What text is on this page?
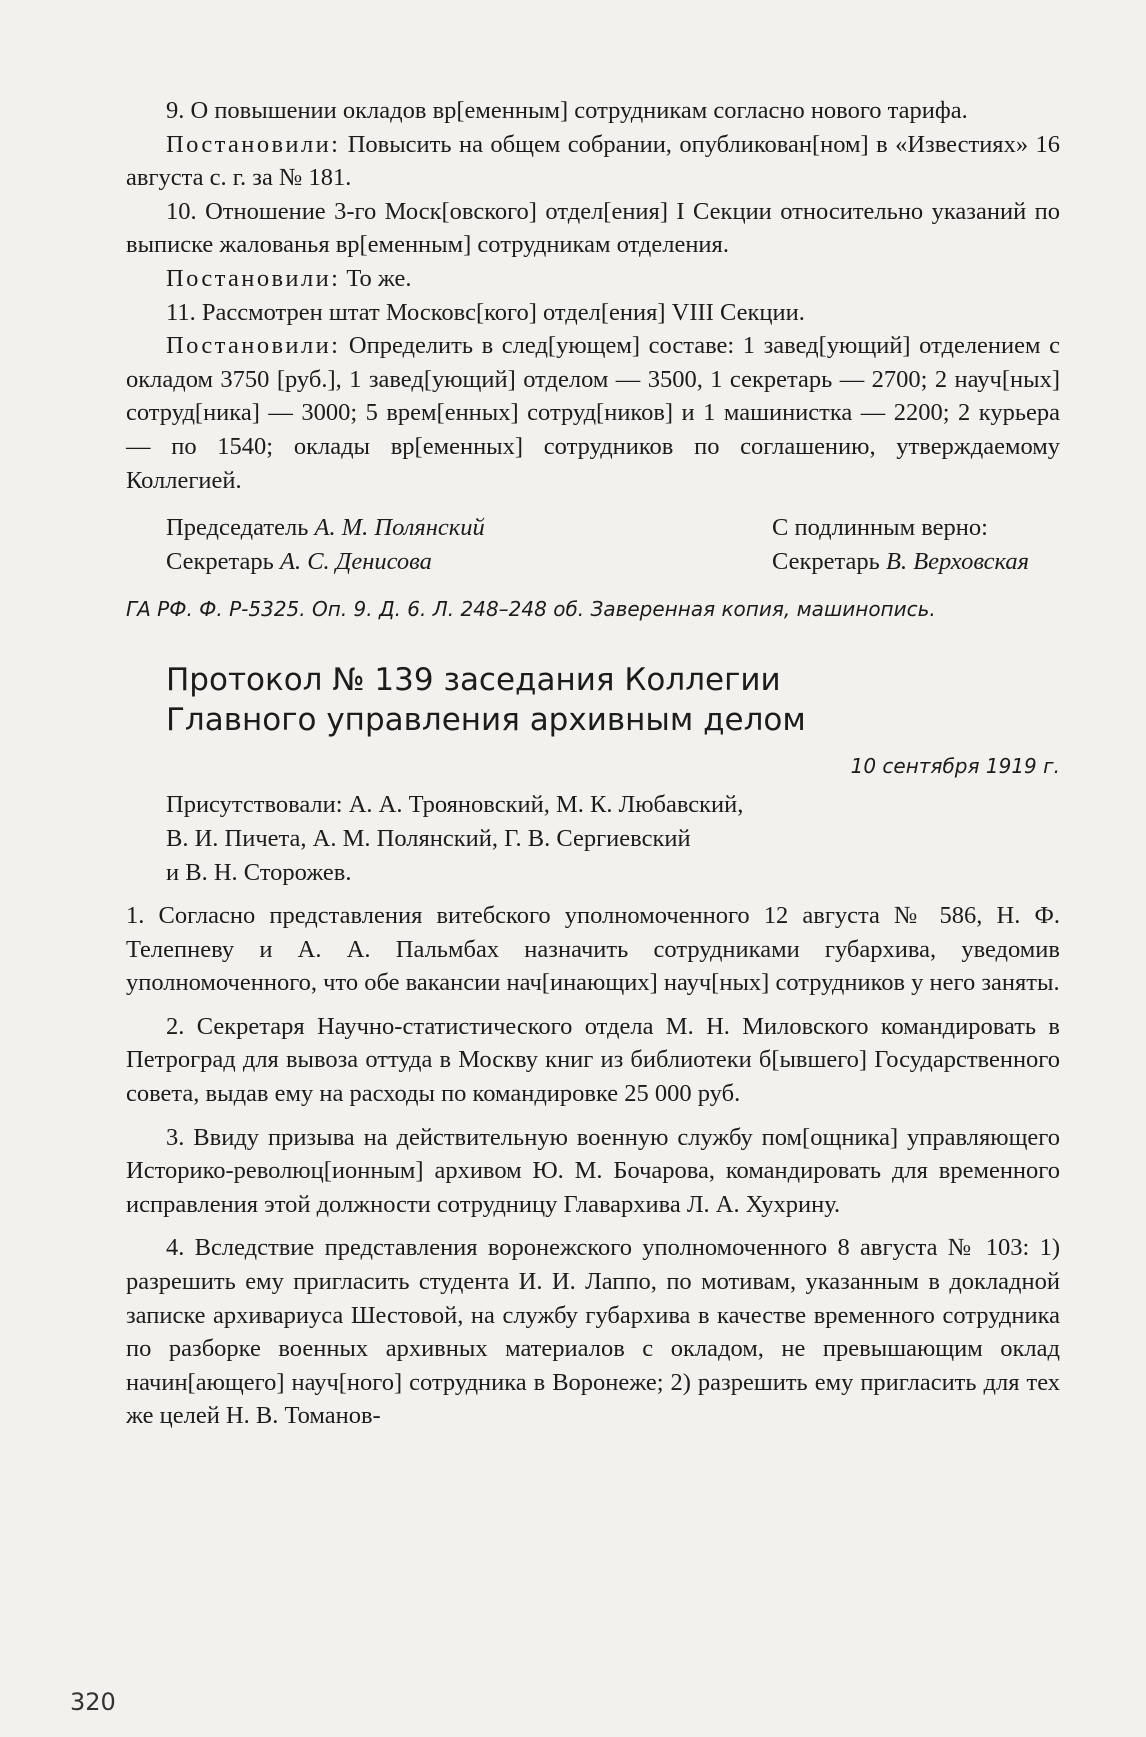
9. О повышении окладов вр[еменным] сотрудникам согласно нового тарифа.

Постановили: Повысить на общем собрании, опубликован[ном] в «Известиях» 16 августа с. г. за № 181.

10. Отношение 3-го Моск[овского] отдел[ения] I Секции относительно указаний по выписке жалованья вр[еменным] сотрудникам отделения.

Постановили: То же.

11. Рассмотрен штат Московс[кого] отдел[ения] VIII Секции.

Постановили: Определить в след[ующем] составе: 1 завед[ующий] отделением с окладом 3750 [руб.], 1 завед[ующий] отделом — 3500, 1 секретарь — 2700; 2 науч[ных] сотруд[ника] — 3000; 5 врем[енных] сотруд[ников] и 1 машинистка — 2200; 2 курьера — по 1540; оклады вр[еменных] сотрудников по соглашению, утверждаемому Коллегией.

Председатель А. М. Полянский
Секретарь А. С. Денисова
С подлинным верно:
Секретарь В. Верховская
ГА РФ. Ф. Р-5325. Оп. 9. Д. 6. Л. 248–248 об. Заверенная копия, машинопись.
Протокол № 139 заседания Коллегии
Главного управления архивным делом
10 сентября 1919 г.
Присутствовали: А. А. Трояновский, М. К. Любавский,
В. И. Пичета, А. М. Полянский, Г. В. Сергиевский
и В. Н. Сторожев.

1. Согласно представления витебского уполномоченного 12 августа № 586, Н. Ф. Телепневу и А. А. Пальмбах назначить сотрудниками губархива, уведомив уполномоченного, что обе вакансии нач[инающих] науч[ных] сотрудников у него заняты.

2. Секретаря Научно-статистического отдела М. Н. Миловского командировать в Петроград для вывоза оттуда в Москву книг из библиотеки б[ывшего] Государственного совета, выдав ему на расходы по командировке 25 000 руб.

3. Ввиду призыва на действительную военную службу пом[ощника] управляющего Историко-революц[ионным] архивом Ю. М. Бочарова, командировать для временного исправления этой должности сотрудницу Главархива Л. А. Хухрину.

4. Вследствие представления воронежского уполномоченного 8 августа № 103: 1) разрешить ему пригласить студента И. И. Лаппо, по мотивам, указанным в докладной записке архивариуса Шестовой, на службу губархива в качестве временного сотрудника по разборке военных архивных материалов с окладом, не превышающим оклад начин[ающего] науч[ного] сотрудника в Воронеже; 2) разрешить ему пригласить для тех же целей Н. В. Томанов-

320
